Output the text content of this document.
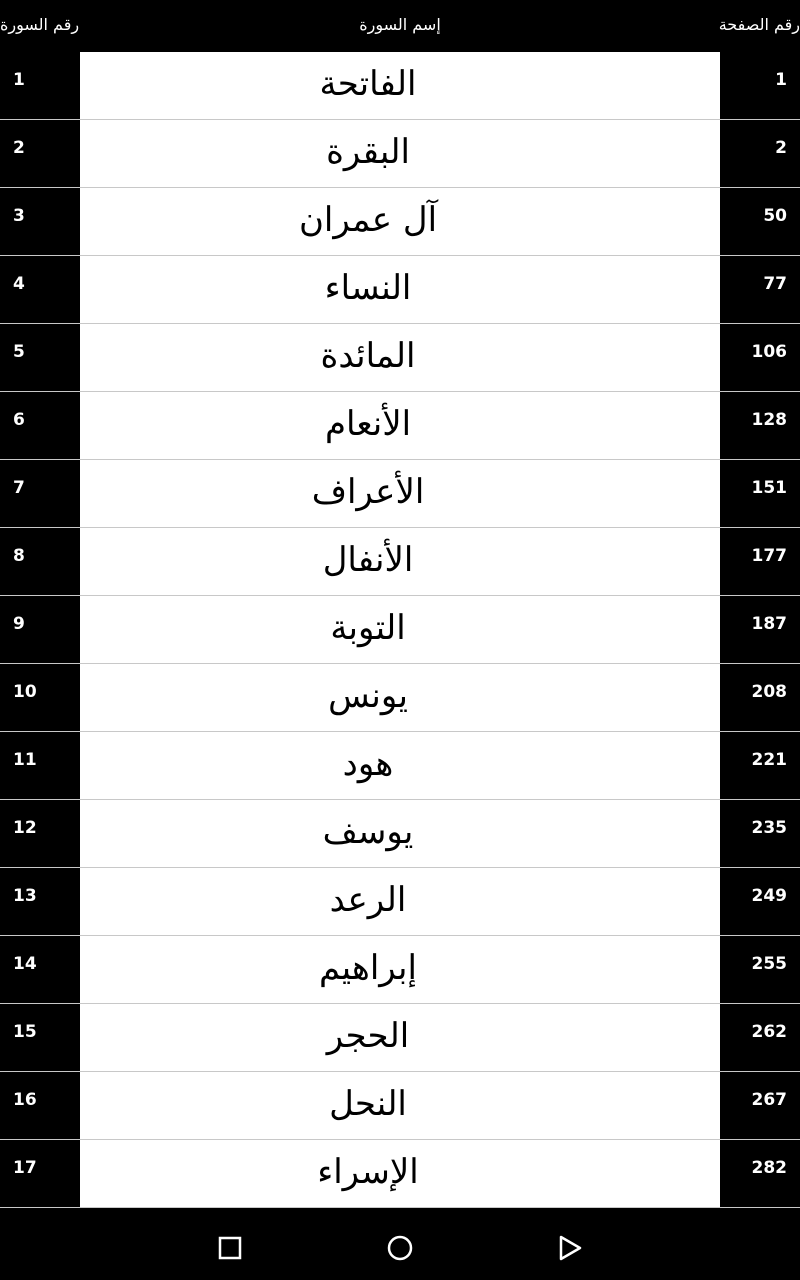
رقم السورة	إسم السورة	رقم الصفحة
1	الفاتحة	1
2	البقرة	2
3	آل عمران	50
4	النساء	77
5	المائدة	106
6	الأنعام	128
7	الأعراف	151
8	الأنفال	177
9	التوبة	187
10	يونس	208
11	هود	221
12	يوسف	235
13	الرعد	249
14	إبراهيم	255
15	الحجر	262
16	النحل	267
17	الإسراء	282
